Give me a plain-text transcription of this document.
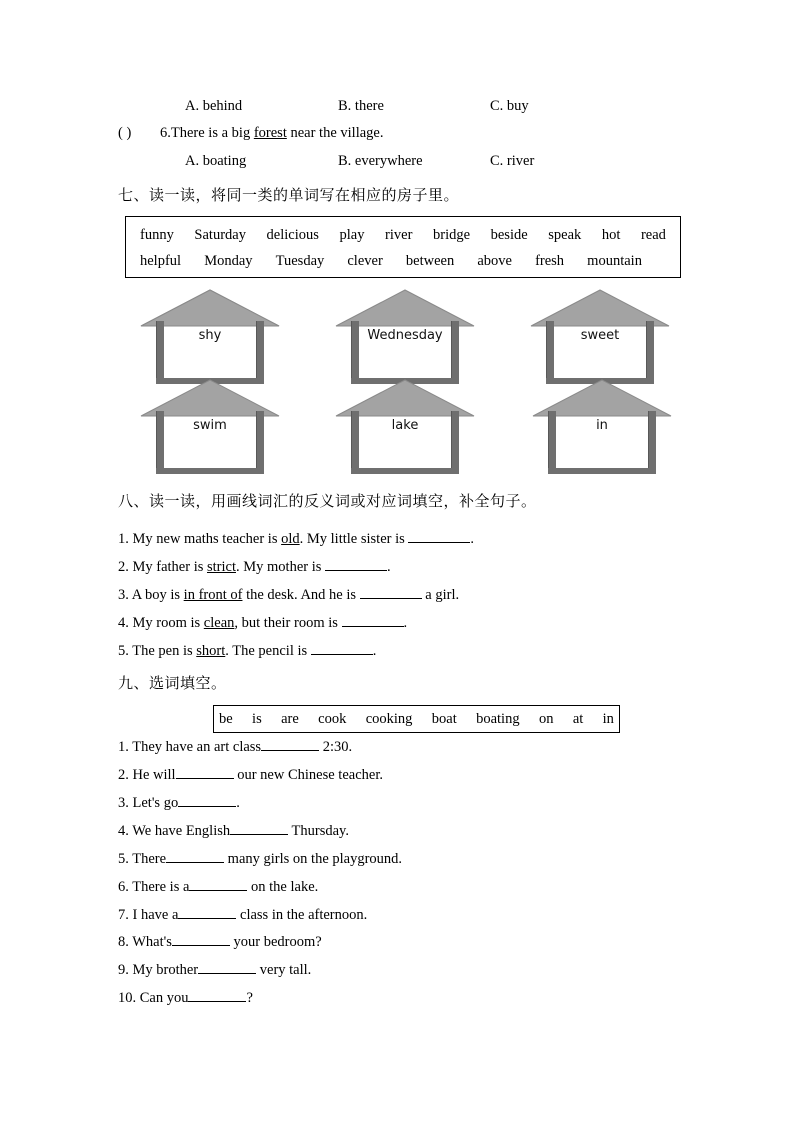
A. behind	B. there	C. buy
( ) 6.There is a big forest near the village.
A. boating	B. everywhere	C. river
七、读一读，将同一类的单词写在相应的房子里。
funny Saturday delicious play river bridge beside speak hot read
helpful Monday Tuesday clever between above fresh mountain
shy	Wednesday	sweet
swim	lake	in
八、读一读，用画线词汇的反义词或对应词填空，补全句子。
1. My new maths teacher is old. My little sister is	.
2. My father is strict. My mother is	.
3. A boy is in front of the desk. And he is	a girl.
4. My room is clean, but their room is	.
5. The pen is short. The pencil is	.
九、选词填空。
be is are cook cooking boat boating on at in
1. They have an art class	2:30.
2. He will	our new Chinese teacher.
3. Let's go	.
4. We have English	Thursday.
5. There	many girls on the playground.
6. There is a	on the lake.
7. I have a	class in the afternoon.
8. What's	your bedroom?
9. My brother	very tall.
10. Can you	?
